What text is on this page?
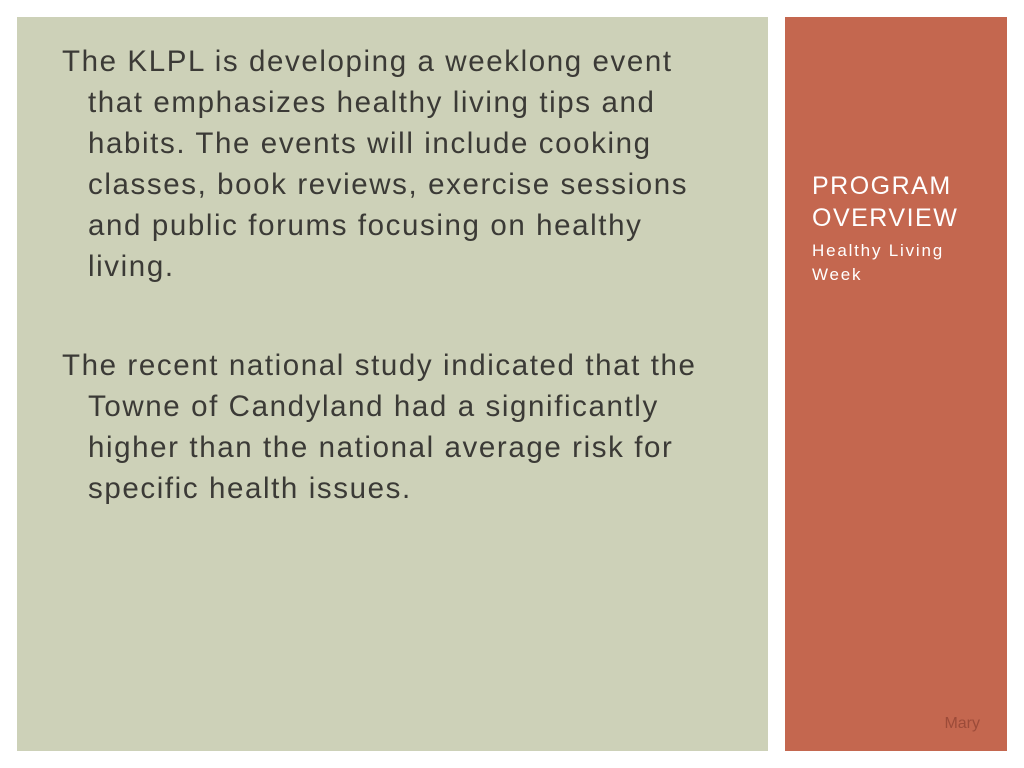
The KLPL is developing a weeklong event that emphasizes healthy living tips and habits. The events will include cooking classes, book reviews, exercise sessions and public forums focusing on healthy living.

The recent national study indicated that the Towne of Candyland had a significantly higher than the national average risk for specific health issues.

PROGRAM OVERVIEW

Healthy Living Week

Mary
